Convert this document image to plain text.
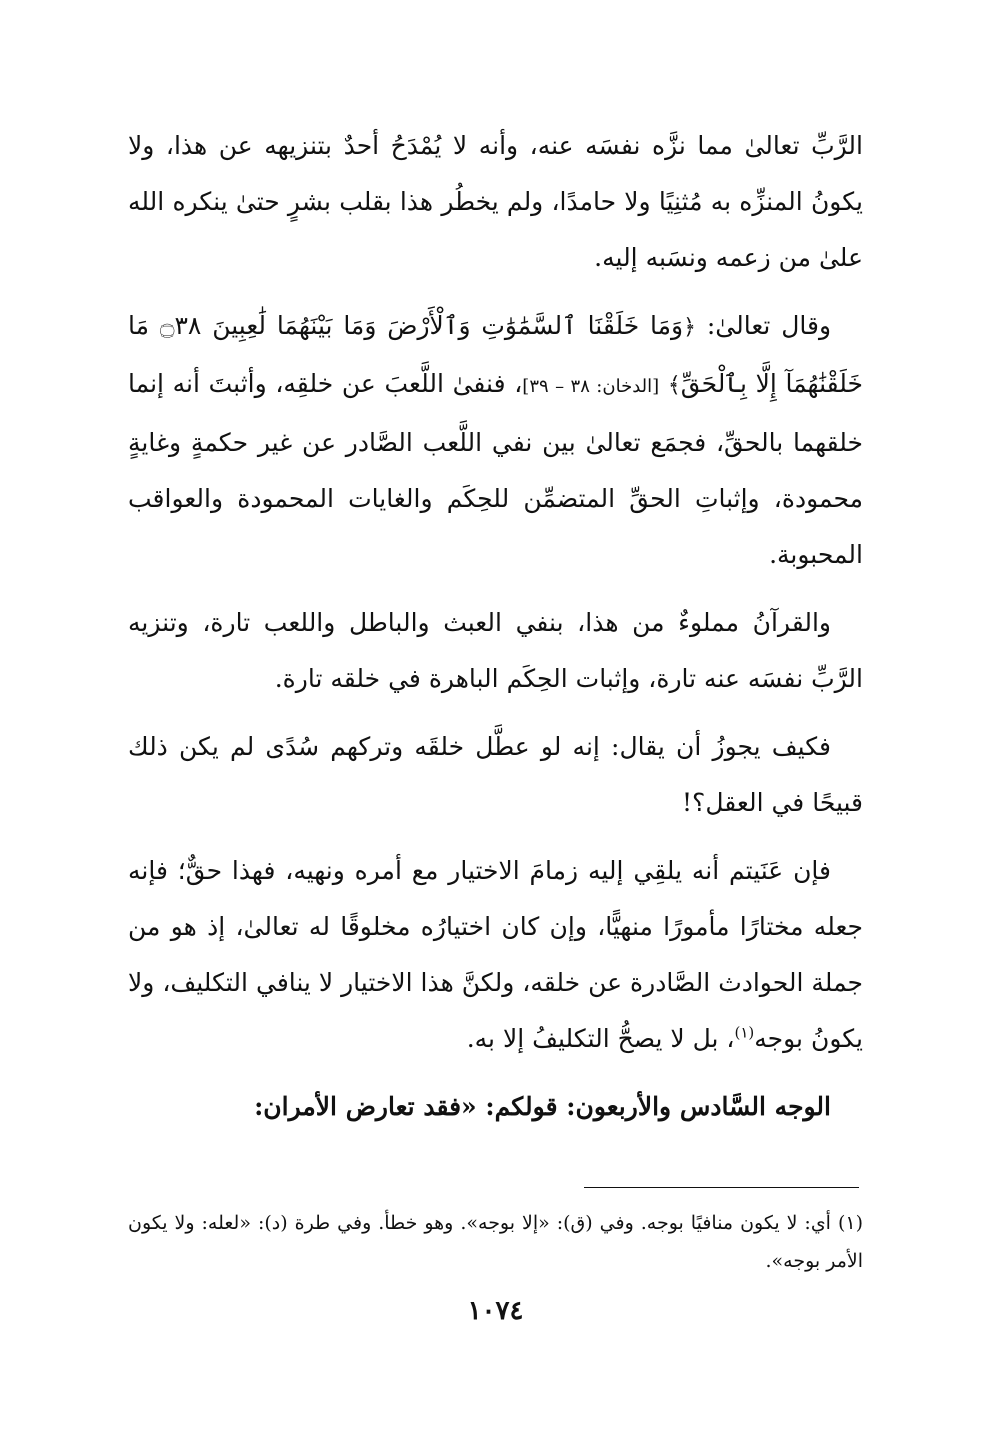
الرَّبِّ تعالىٰ مما نزَّه نفسَه عنه، وأنه لا يُمْدَحُ أحدٌ بتنزيهه عن هذا، ولا يكونُ المنزِّه به مُثنِيًا ولا حامدًا، ولم يخطُر هذا بقلب بشرٍ حتىٰ ينكره الله علىٰ من زعمه ونسَبه إليه.

وقال تعالىٰ: ﴿وَمَا خَلَقْنَا ٱلسَّمَٰوَٰتِ وَٱلْأَرْضَ وَمَا بَيْنَهُمَا لَٰعِبِينَ ۝٣٨ مَا خَلَقْنَٰهُمَآ إِلَّا بِٱلْحَقِّ﴾ [الدخان: ٣٨ – ٣٩]، فنفىٰ اللَّعبَ عن خلقِه، وأثبتَ أنه إنما خلقهما بالحقِّ، فجمَع تعالىٰ بين نفي اللَّعب الصَّادر عن غير حكمةٍ وغايةٍ محمودة، وإثباتِ الحقِّ المتضمِّن للحِكَم والغايات المحمودة والعواقب المحبوبة.

والقرآنُ مملوءٌ من هذا، بنفي العبث والباطل واللعب تارة، وتنزيه الرَّبِّ نفسَه عنه تارة، وإثبات الحِكَم الباهرة في خلقه تارة.

فكيف يجوزُ أن يقال: إنه لو عطَّل خلقَه وتركهم سُدًى لم يكن ذلك قبيحًا في العقل؟!

فإن عَنَيتم أنه يلقِي إليه زمامَ الاختيار مع أمره ونهيه، فهذا حقٌّ؛ فإنه جعله مختارًا مأمورًا منهيًّا، وإن كان اختيارُه مخلوقًا له تعالىٰ، إذ هو من جملة الحوادث الصَّادرة عن خلقه، ولكنَّ هذا الاختيار لا ينافي التكليف، ولا يكونُ بوجه$^{(١)}$، بل لا يصحُّ التكليفُ إلا به.

الوجه السَّادس والأربعون: قولكم: «فقد تعارض الأمران:

(١) أي: لا يكون منافيًا بوجه. وفي (ق): «إلا بوجه». وهو خطأ. وفي طرة (د): «لعله: ولا يكون الأمر بوجه».
١٠٧٤
